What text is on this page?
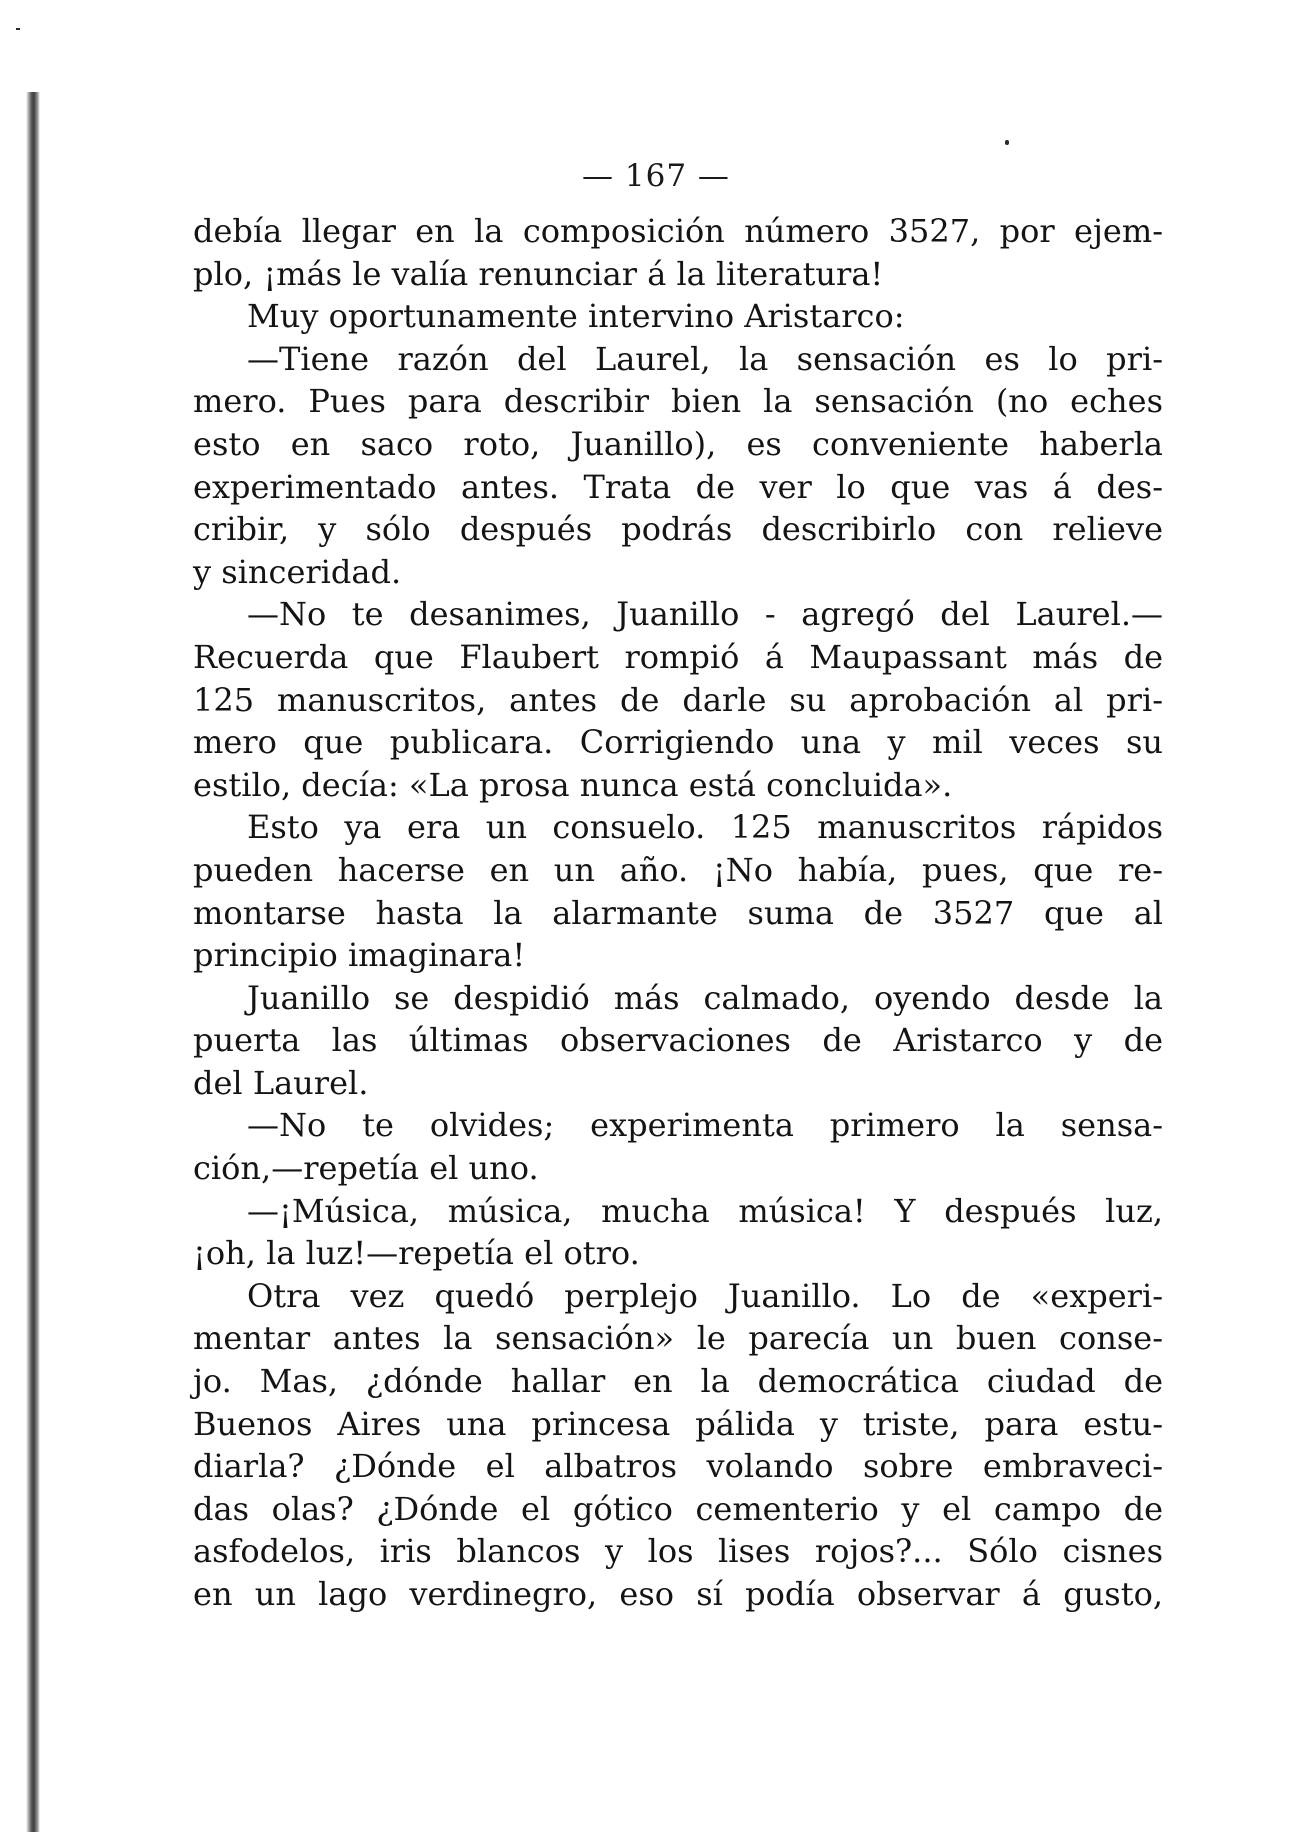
— 167 —
debía llegar en la composición número 3527, por ejem-
plo, ¡más le valía renunciar á la literatura!
Muy oportunamente intervino Aristarco:
—Tiene razón del Laurel, la sensación es lo pri-
mero. Pues para describir bien la sensación (no eches
esto en saco roto, Juanillo), es conveniente haberla
experimentado antes. Trata de ver lo que vas á des-
cribir, y sólo después podrás describirlo con relieve
y sinceridad.
—No te desanimes, Juanillo - agregó del Laurel.—
Recuerda que Flaubert rompió á Maupassant más de
125 manuscritos, antes de darle su aprobación al pri-
mero que publicara. Corrigiendo una y mil veces su
estilo, decía: «La prosa nunca está concluida».
Esto ya era un consuelo. 125 manuscritos rápidos
pueden hacerse en un año. ¡No había, pues, que re-
montarse hasta la alarmante suma de 3527 que al
principio imaginara!
Juanillo se despidió más calmado, oyendo desde la
puerta las últimas observaciones de Aristarco y de
del Laurel.
—No te olvides; experimenta primero la sensa-
ción,—repetía el uno.
—¡Música, música, mucha música! Y después luz,
¡oh, la luz!—repetía el otro.
Otra vez quedó perplejo Juanillo. Lo de «experi-
mentar antes la sensación» le parecía un buen conse-
jo. Mas, ¿dónde hallar en la democrática ciudad de
Buenos Aires una princesa pálida y triste, para estu-
diarla? ¿Dónde el albatros volando sobre embraveci-
das olas? ¿Dónde el gótico cementerio y el campo de
asfodelos, iris blancos y los lises rojos?... Sólo cisnes
en un lago verdinegro, eso sí podía observar á gusto,
